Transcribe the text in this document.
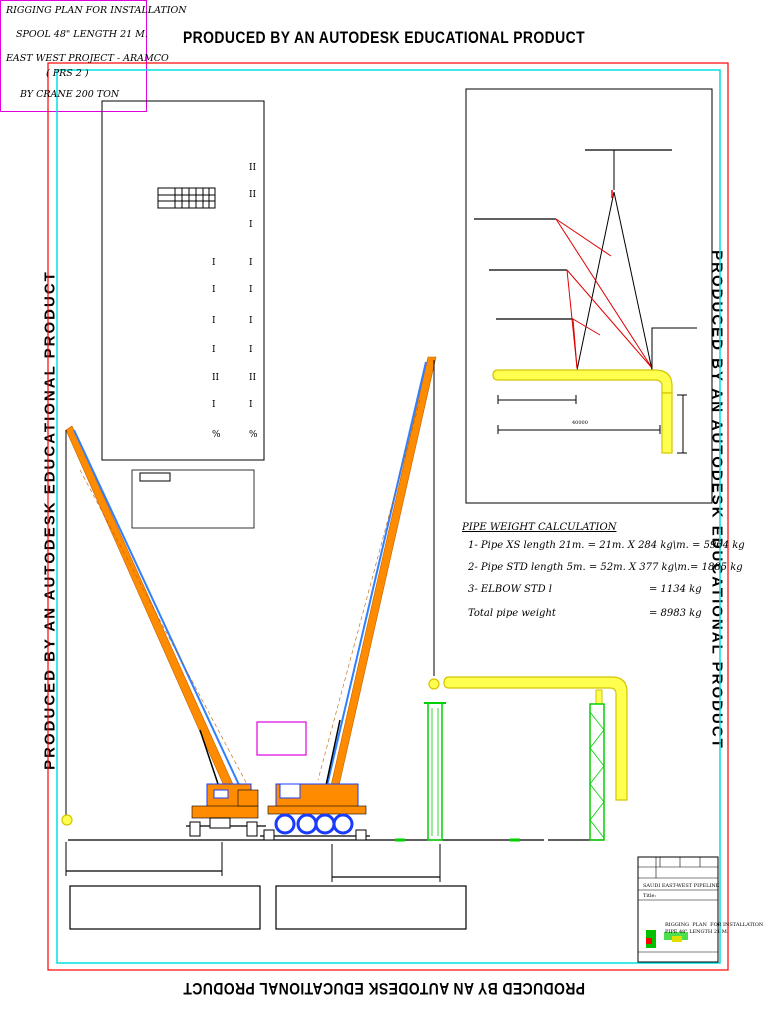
PRODUCED BY AN AUTODESK EDUCATIONAL PRODUCT
PRODUCED BY AN AUTODESK EDUCATIONAL PRODUCT
PRODUCED BY AN AUTODESK EDUCATIONAL PRODUCT	PRODUCED BY AN AUTODESK EDUCATIONAL PRODUCT
RIGGING PLAN FOR INSTALLATION
SPOOL 48" LENGTH 21 M.
EAST WEST PROJECT - ARAMCO
( PRS 2 )
BY CRANE 200 TON
PIPE WEIGHT CALCULATION
1- Pipe XS length 21m. = 21m. X 284 kg\m. = 5964 kg
2- Pipe STD length 5m. = 52m. X 377 kg\m.= 1885 kg
3- ELBOW STD l	= 1134 kg
Total pipe weight	= 8983 kg
40000
I
I
I
I
II
I
%
II
II
I
I
I
I
I
II
I
%
SAUDI EAST-WEST PIPELINE
Title:
RIGGING  PLAN  FOR INSTALLATION
PIPE 48" LENGTH 21 M.
